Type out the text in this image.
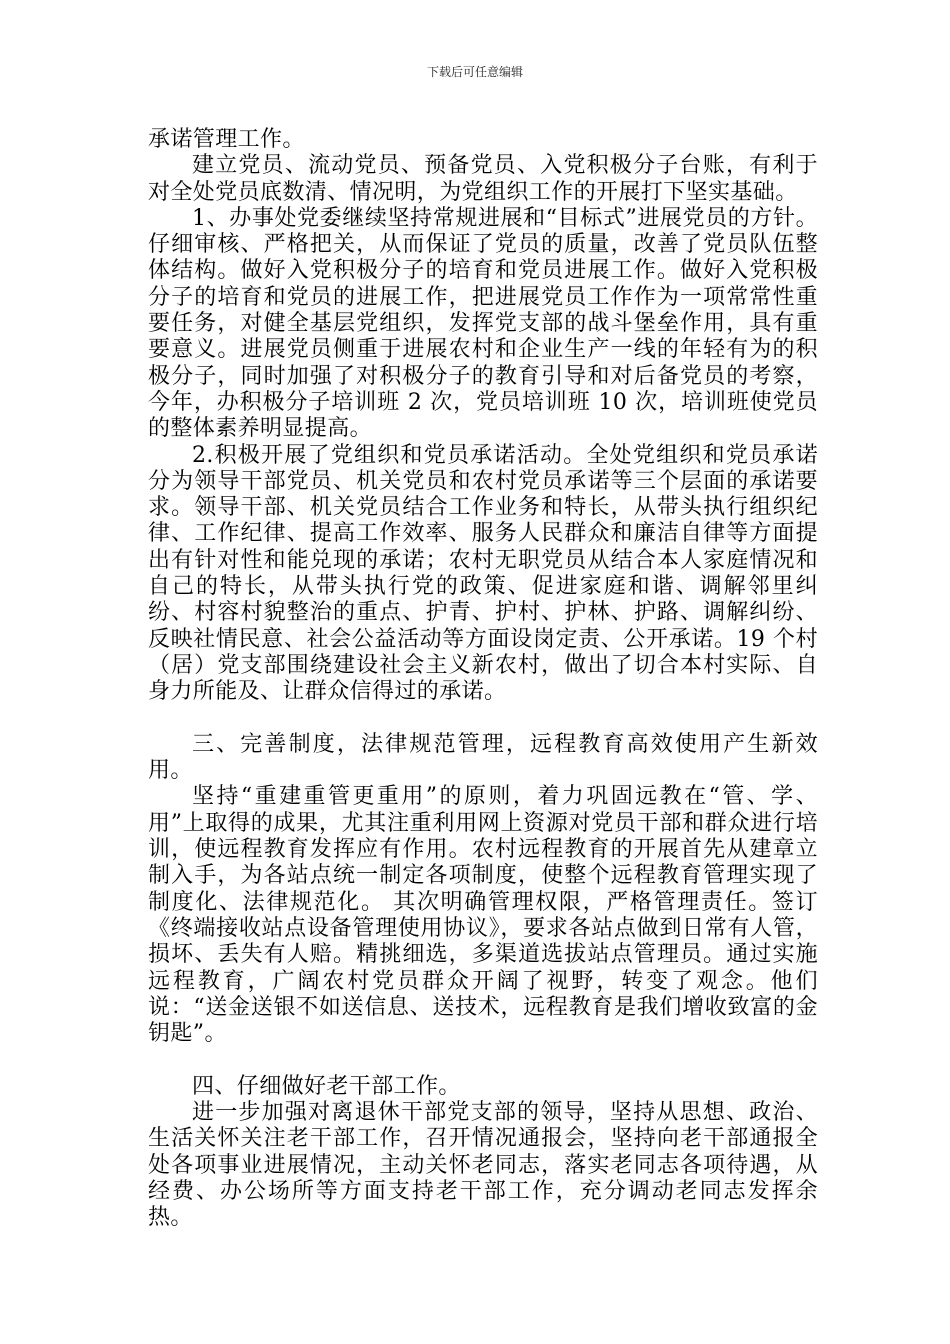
下载后可任意编辑

承诺管理工作。

建立党员、流动党员、预备党员、入党积极分子台账，有利于对全处党员底数清、情况明，为党组织工作的开展打下坚实基础。

1、办事处党委继续坚持常规进展和“目标式”进展党员的方针。仔细审核、严格把关，从而保证了党员的质量，改善了党员队伍整体结构。做好入党积极分子的培育和党员进展工作。做好入党积极分子的培育和党员的进展工作，把进展党员工作作为一项常常性重要任务，对健全基层党组织，发挥党支部的战斗堡垒作用，具有重要意义。进展党员侧重于进展农村和企业生产一线的年轻有为的积极分子，同时加强了对积极分子的教育引导和对后备党员的考察，今年，办积极分子培训班 2 次，党员培训班 10 次，培训班使党员的整体素养明显提高。

2.积极开展了党组织和党员承诺活动。全处党组织和党员承诺分为领导干部党员、机关党员和农村党员承诺等三个层面的承诺要求。领导干部、机关党员结合工作业务和特长，从带头执行组织纪律、工作纪律、提高工作效率、服务人民群众和廉洁自律等方面提出有针对性和能兑现的承诺；农村无职党员从结合本人家庭情况和自己的特长，从带头执行党的政策、促进家庭和谐、调解邻里纠纷、村容村貌整治的重点、护青、护村、护林、护路、调解纠纷、反映社情民意、社会公益活动等方面设岗定责、公开承诺。19 个村（居）党支部围绕建设社会主义新农村，做出了切合本村实际、自身力所能及、让群众信得过的承诺。

三、完善制度，法律规范管理，远程教育高效使用产生新效用。

坚持“重建重管更重用”的原则，着力巩固远教在“管、学、用”上取得的成果，尤其注重利用网上资源对党员干部和群众进行培训，使远程教育发挥应有作用。农村远程教育的开展首先从建章立制入手，为各站点统一制定各项制度，使整个远程教育管理实现了制度化、法律规范化。 其次明确管理权限，严格管理责任。签订《终端接收站点设备管理使用协议》，要求各站点做到日常有人管，损坏、丢失有人赔。精挑细选，多渠道选拔站点管理员。通过实施远程教育，广阔农村党员群众开阔了视野，转变了观念。他们说：“送金送银不如送信息、送技术，远程教育是我们增收致富的金钥匙”。

四、仔细做好老干部工作。

进一步加强对离退休干部党支部的领导，坚持从思想、政治、生活关怀关注老干部工作，召开情况通报会，坚持向老干部通报全处各项事业进展情况，主动关怀老同志，落实老同志各项待遇，从经费、办公场所等方面支持老干部工作，充分调动老同志发挥余热。
